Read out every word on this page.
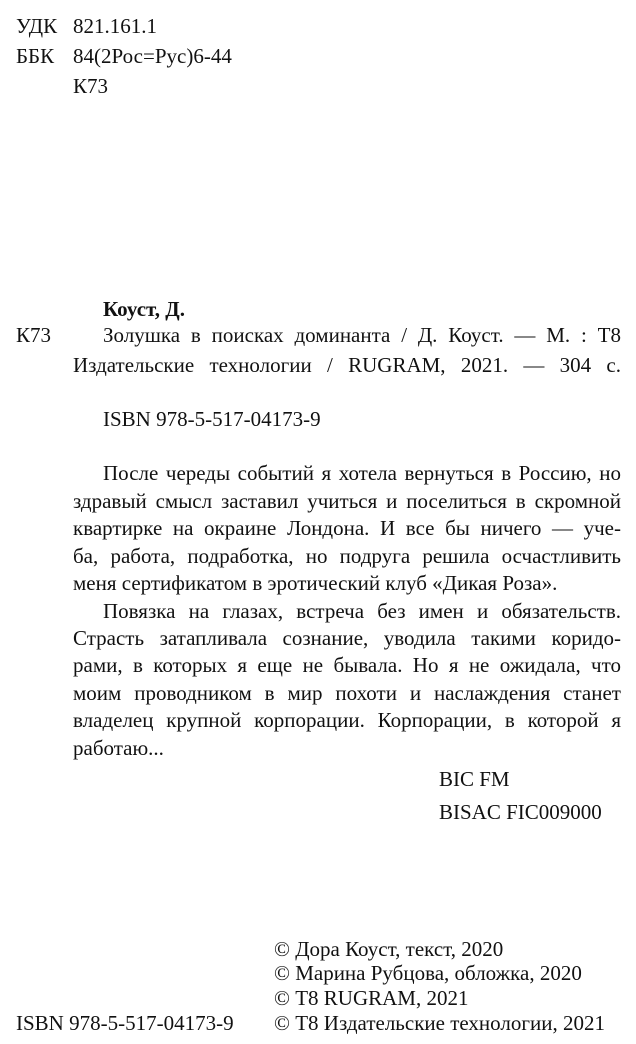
УДК 821.161.1
ББК 84(2Рос=Рус)6-44
К73
Коуст, Д.
К73 Золушка в поисках доминанта / Д. Коуст. — М. : Т8
Издательские технологии / RUGRAM, 2021. — 304 с.
ISBN 978-5-517-04173-9
После череды событий я хотела вернуться в Россию, но
здравый смысл заставил учиться и поселиться в скромной
квартирке на окраине Лондона. И все бы ничего — уче-
ба, работа, подработка, но подруга решила осчастливить
меня сертификатом в эротический клуб «Дикая Роза».
Повязка на глазах, встреча без имен и обязательств.
Страсть затапливала сознание, уводила такими коридо-
рами, в которых я еще не бывала. Но я не ожидала, что
моим проводником в мир похоти и наслаждения станет
владелец крупной корпорации. Корпорации, в которой я
работаю...
BIC FM
BISAC FIC009000
© Дора Коуст, текст, 2020
© Марина Рубцова, обложка, 2020
© Т8 RUGRAM, 2021
© Т8 Издательские технологии, 2021
ISBN 978-5-517-04173-9
